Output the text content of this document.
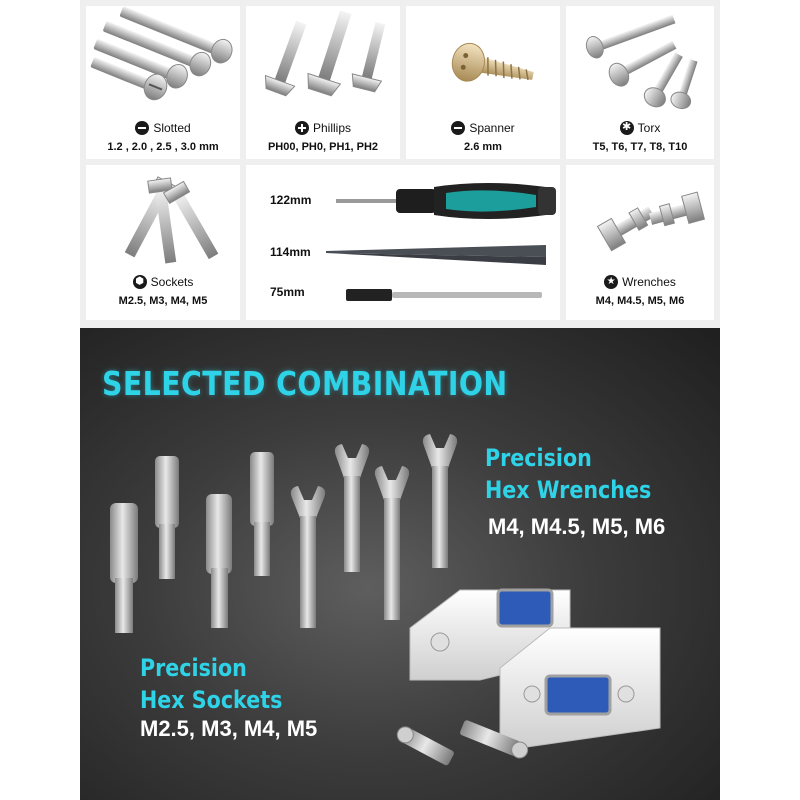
Slotted
1.2 , 2.0 , 2.5 , 3.0 mm
Phillips
PH00, PH0, PH1, PH2
Spanner
2.6 mm
✱ Torx
T5, T6, T7, T8, T10
⬢ Sockets
M2.5, M3, M4, M5
122mm
114mm
75mm
★ Wrenches
M4, M4.5, M5, M6
SELECTED COMBINATION
Precision
Hex Wrenches
M4, M4.5, M5, M6
Precision
Hex Sockets
M2.5, M3, M4, M5
